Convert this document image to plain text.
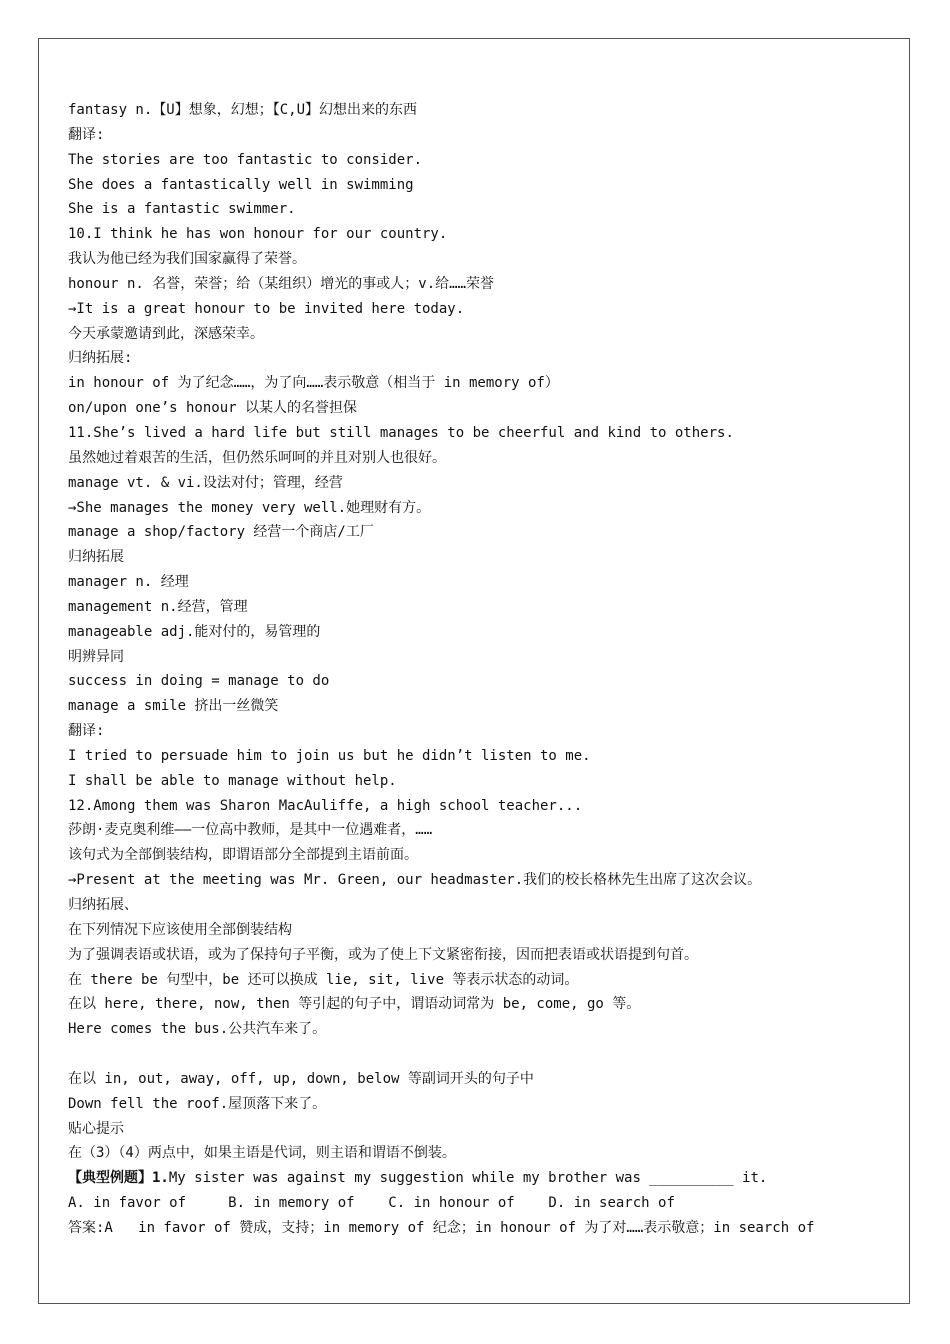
fantasy n.【U】想象，幻想；【C,U】幻想出来的东西
翻译:
The stories are too fantastic to consider.
She does a fantastically well in swimming
She is a fantastic swimmer.
10.I think he has won honour for our country.
我认为他已经为我们国家赢得了荣誉。
honour n. 名誉，荣誉；给（某组织）增光的事或人；v.给……荣誉
→It is a great honour to be invited here today.
今天承蒙邀请到此，深感荣幸。
归纳拓展:
in honour of 为了纪念……，为了向……表示敬意（相当于 in memory of）
on/upon one’s honour 以某人的名誉担保
11.She’s lived a hard life but still manages to be cheerful and kind to others.
虽然她过着艰苦的生活，但仍然乐呵呵的并且对别人也很好。
manage vt. & vi.设法对付；管理，经营
→She manages the money very well.她理财有方。
manage a shop/factory 经营一个商店/工厂
归纳拓展
manager n. 经理
management n.经营，管理
manageable adj.能对付的，易管理的
明辨异同
success in doing = manage to do
manage a smile 挤出一丝微笑
翻译:
I tried to persuade him to join us but he didn’t listen to me.
I shall be able to manage without help.
12.Among them was Sharon MacAuliffe, a high school teacher...
莎朗·麦克奥利维——一位高中教师，是其中一位遇难者，……
该句式为全部倒装结构，即谓语部分全部提到主语前面。
→Present at the meeting was Mr. Green, our headmaster.我们的校长格林先生出席了这次会议。
归纳拓展、
在下列情况下应该使用全部倒装结构
为了强调表语或状语，或为了保持句子平衡，或为了使上下文紧密衔接，因而把表语或状语提到句首。
在 there be 句型中，be 还可以换成 lie, sit, live 等表示状态的动词。
在以 here, there, now, then 等引起的句子中，谓语动词常为 be, come, go 等。
Here comes the bus.公共汽车来了。
在以 in, out, away, off, up, down, below 等副词开头的句子中
Down fell the roof.屋顶落下来了。
贴心提示
在（3）（4）两点中，如果主语是代词，则主语和谓语不倒装。
【典型例题】1.My sister was against my suggestion while my brother was __________ it.
A. in favor of     B. in memory of    C. in honour of    D. in search of
答案:A   in favor of 赞成，支持；in memory of 纪念；in honour of 为了对……表示敬意；in search of
